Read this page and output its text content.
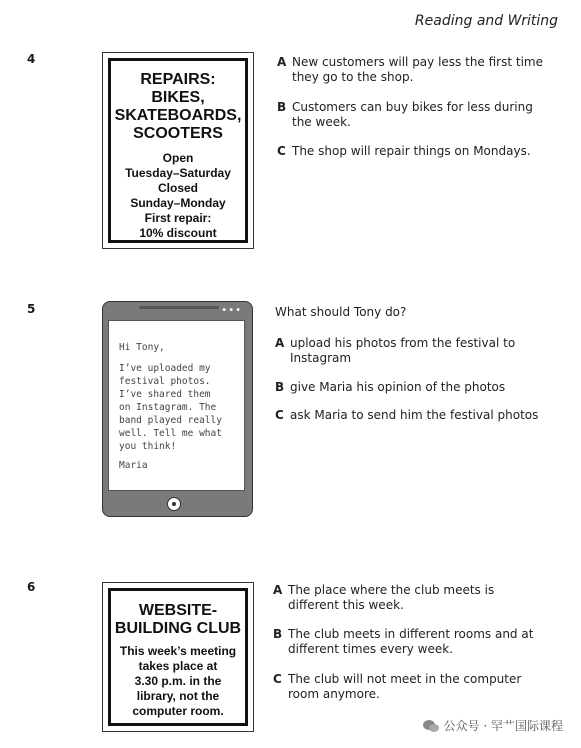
Reading and Writing
4
REPAIRS:
BIKES,
SKATEBOARDS,
SCOOTERS
Open
Tuesday–Saturday
Closed
Sunday–Monday
First repair:
10% discount
A New customers will pay less the first time they go to the shop.
B Customers can buy bikes for less during the week.
C The shop will repair things on Mondays.
5	•••
Hi Tony,
I’ve uploaded my
festival photos.
I’ve shared them
on Instagram. The
band played really
well. Tell me what
you think!
Maria
What should Tony do?
A upload his photos from the festival to Instagram
B give Maria his opinion of the photos
C ask Maria to send him the festival photos
6
WEBSITE-
BUILDING CLUB
This week’s meeting
takes place at
3.30 p.m. in the
library, not the
computer room.
A The place where the club meets is different this week.
B The club meets in different rooms and at different times every week.
C The club will not meet in the computer room anymore.
公众号 · 罕艹国际课程
